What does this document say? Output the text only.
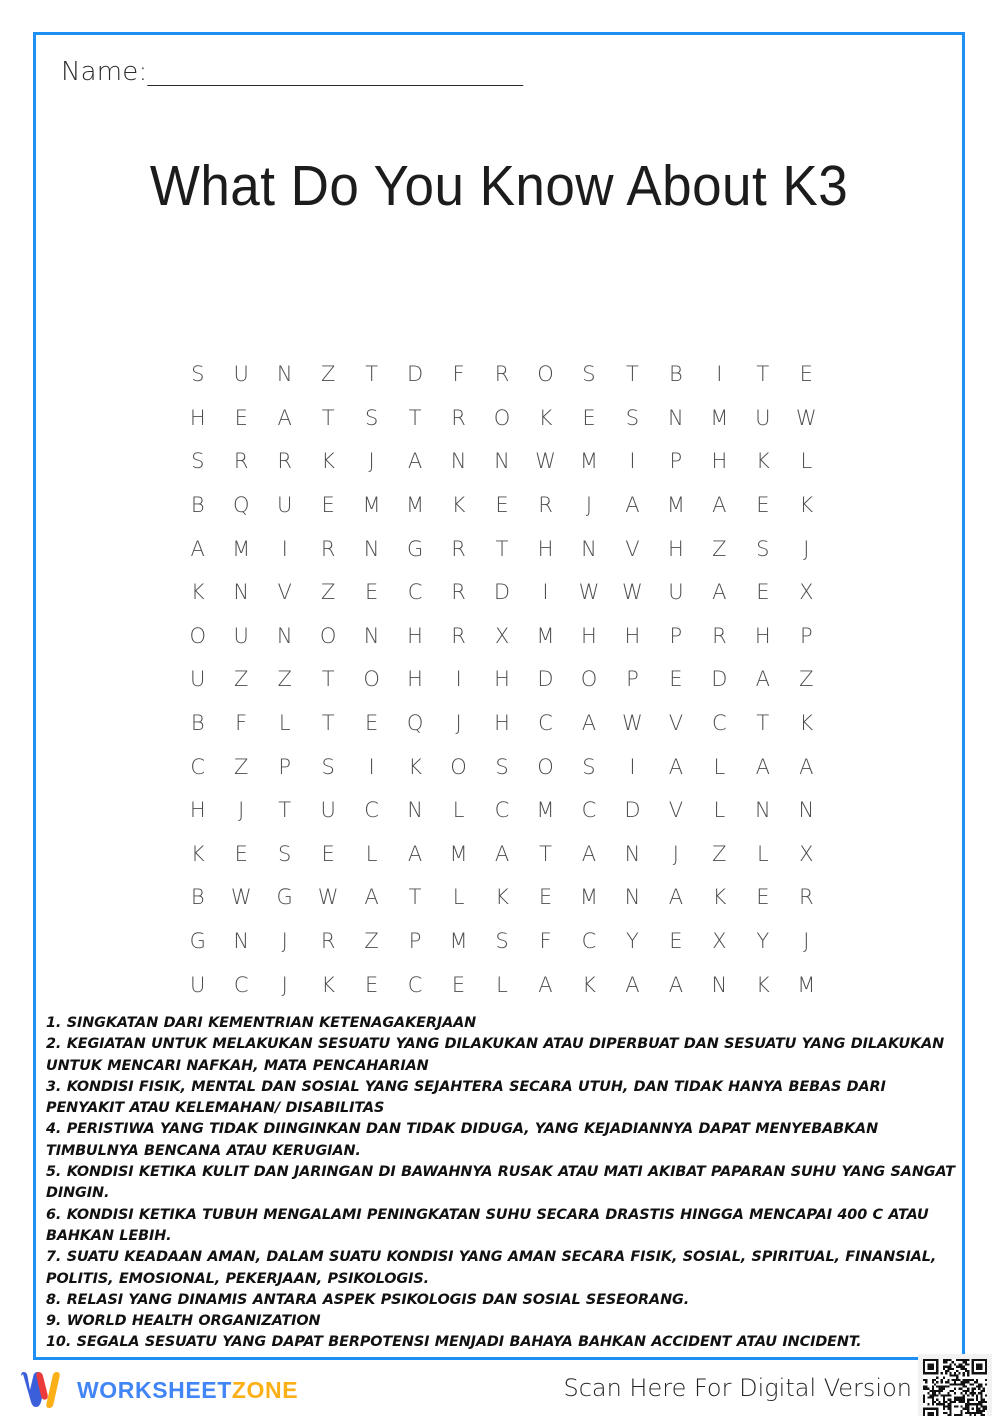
Name:______________________________
What Do You Know About K3
S	U	N	Z	T	D	F	R	O	S	T	B	I	T	E
H	E	A	T	S	T	R	O	K	E	S	N	M	U	W
S	R	R	K	J	A	N	N	W	M	I	P	H	K	L
B	Q	U	E	M	M	K	E	R	J	A	M	A	E	K
A	M	I	R	N	G	R	T	H	N	V	H	Z	S	J
K	N	V	Z	E	C	R	D	I	W	W	U	A	E	X
O	U	N	O	N	H	R	X	M	H	H	P	R	H	P
U	Z	Z	T	O	H	I	H	D	O	P	E	D	A	Z
B	F	L	T	E	Q	J	H	C	A	W	V	C	T	K
C	Z	P	S	I	K	O	S	O	S	I	A	L	A	A
H	J	T	U	C	N	L	C	M	C	D	V	L	N	N
K	E	S	E	L	A	M	A	T	A	N	J	Z	L	X
B	W	G	W	A	T	L	K	E	M	N	A	K	E	R
G	N	J	R	Z	P	M	S	F	C	Y	E	X	Y	J
U	C	J	K	E	C	E	L	A	K	A	A	N	K	M
1. SINGKATAN DARI KEMENTRIAN KETENAGAKERJAAN
2. KEGIATAN UNTUK MELAKUKAN SESUATU YANG DILAKUKAN ATAU DIPERBUAT DAN SESUATU YANG DILAKUKAN UNTUK MENCARI NAFKAH, MATA PENCAHARIAN
3. KONDISI FISIK, MENTAL DAN SOSIAL YANG SEJAHTERA SECARA UTUH, DAN TIDAK HANYA BEBAS DARI PENYAKIT ATAU KELEMAHAN/ DISABILITAS
4. PERISTIWA YANG TIDAK DIINGINKAN DAN TIDAK DIDUGA, YANG KEJADIANNYA DAPAT MENYEBABKAN TIMBULNYA BENCANA ATAU KERUGIAN.
5. KONDISI KETIKA KULIT DAN JARINGAN DI BAWAHNYA RUSAK ATAU MATI AKIBAT PAPARAN SUHU YANG SANGAT DINGIN.
6. KONDISI KETIKA TUBUH MENGALAMI PENINGKATAN SUHU SECARA DRASTIS HINGGA MENCAPAI 400 C ATAU BAHKAN LEBIH.
7. SUATU KEADAAN AMAN, DALAM SUATU KONDISI YANG AMAN SECARA FISIK, SOSIAL, SPIRITUAL, FINANSIAL, POLITIS, EMOSIONAL, PEKERJAAN, PSIKOLOGIS.
8. RELASI YANG DINAMIS ANTARA ASPEK PSIKOLOGIS DAN SOSIAL SESEORANG.
9. WORLD HEALTH ORGANIZATION
10. SEGALA SESUATU YANG DAPAT BERPOTENSI MENJADI BAHAYA BAHKAN ACCIDENT ATAU INCIDENT.
WORKSHEETZONE	Scan Here For Digital Version
